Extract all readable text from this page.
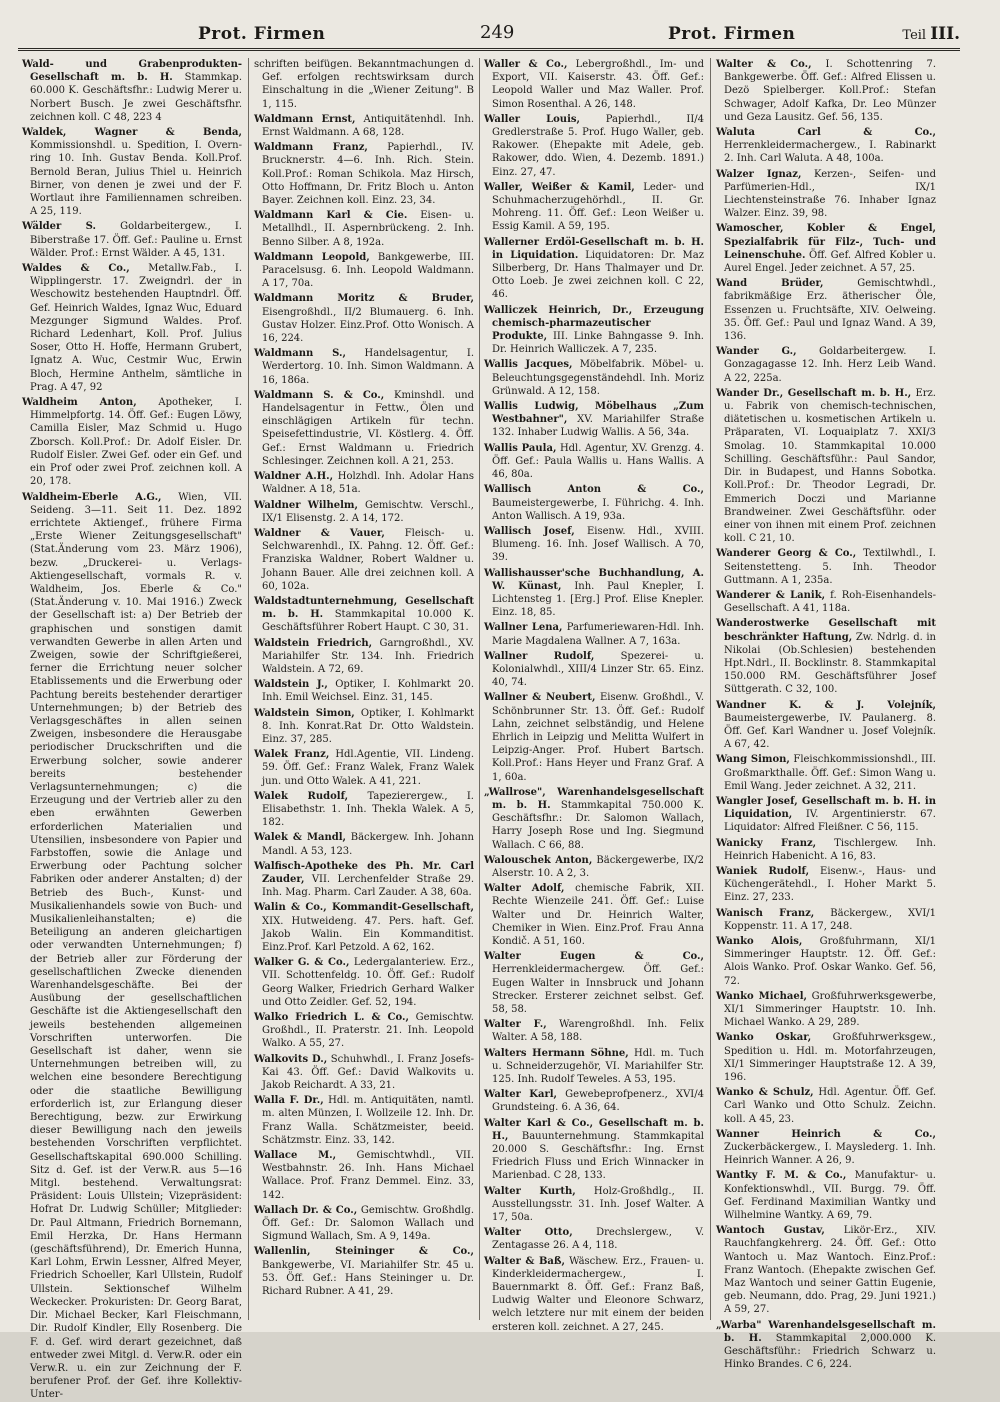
Prot. Firmen	249	Prot. Firmen	Teil III.

Wald- und Grabenprodukten-Gesellschaft m. b. H. Stammkap. 60.000 K. Geschäftsfhr.: Ludwig Merer u. Norbert Busch. Je zwei Geschäftsfhr. zeichnen koll. C 48, 223 4

Waldek, Wagner & Benda, Kommissionshdl. u. Spedition, I. Overnring 10. Inh. Gustav Benda. Koll.Prof. Bernold Beran, Julius Thiel u. Heinrich Birner, von denen je zwei und der F. Wortlaut ihre Familiennamen schreiben. A 25, 119.

Wälder S. Goldarbeitergew., I. Biberstraße 17. Öff. Gef.: Pauline u. Ernst Wälder. Prof.: Ernst Wälder. A 45, 131.

Waldes & Co., Metallw.Fab., I. Wipplingerstr. 17. Zweigndrl. der in Weschowitz bestehenden Hauptndrl. Öff. Gef. Heinrich Waldes, Ignaz Wuc, Eduard Mezgunger Sigmund Waldes. Prof. Richard Ledenhart, Koll. Prof. Julius Soser, Otto H. Hoffe, Hermann Grubert, Ignatz A. Wuc, Cestmir Wuc, Erwin Bloch, Hermine Anthelm, sämtliche in Prag. A 47, 92

Waldheim Anton, Apotheker, I. Himmelpfortg. 14. Öff. Gef.: Eugen Löwy, Camilla Eisler, Maz Schmid u. Hugo Zborsch. Koll.Prof.: Dr. Adolf Eisler. Dr. Rudolf Eisler. Zwei Gef. oder ein Gef. und ein Prof oder zwei Prof. zeichnen koll. A 20, 178.

Waldheim-Eberle A.G., Wien, VII. Seideng. 3—11. Seit 11. Dez. 1892 errichtete Aktiengef., frühere Firma „Erste Wiener Zeitungsgesellschaft" (Stat.Änderung vom 23. März 1906), bezw. „Druckerei- u. Verlags-Aktiengesellschaft, vormals R. v. Waldheim, Jos. Eberle & Co." (Stat.Änderung v. 10. Mai 1916.) Zweck der Gesellschaft ist: a) Der Betrieb der graphischen und sonstigen damit verwandten Gewerbe in allen Arten und Zweigen, sowie der Schriftgießerei, ferner die Errichtung neuer solcher Etablissements und die Erwerbung oder Pachtung bereits bestehender derartiger Unternehmungen; b) der Betrieb des Verlagsgeschäftes in allen seinen Zweigen, insbesondere die Herausgabe periodischer Druckschriften und die Erwerbung solcher, sowie anderer bereits bestehender Verlagsunternehmungen; c) die Erzeugung und der Vertrieb aller zu den eben erwähnten Gewerben erforderlichen Materialien und Utensilien, insbesondere von Papier und Farbstoffen, sowie die Anlage und Erwerbung oder Pachtung solcher Fabriken oder anderer Anstalten; d) der Betrieb des Buch-, Kunst- und Musikalienhandels sowie von Buch- und Musikalienleihanstalten; e) die Beteiligung an anderen gleichartigen oder verwandten Unternehmungen; f) der Betrieb aller zur Förderung der gesellschaftlichen Zwecke dienenden Warenhandelsgeschäfte. Bei der Ausübung der gesellschaftlichen Geschäfte ist die Aktiengesellschaft den jeweils bestehenden allgemeinen Vorschriften unterworfen. Die Gesellschaft ist daher, wenn sie Unternehmungen betreiben will, zu welchen eine besondere Berechtigung oder die staatliche Bewilligung erforderlich ist, zur Erlangung dieser Berechtigung, bezw. zur Erwirkung dieser Bewilligung nach den jeweils bestehenden Vorschriften verpflichtet. Gesellschaftskapital 690.000 Schilling. Sitz d. Gef. ist der Verw.R. aus 5—16 Mitgl. bestehend. Verwaltungsrat: Präsident: Louis Ullstein; Vizepräsident: Hofrat Dr. Ludwig Schüller; Mitglieder: Dr. Paul Altmann, Friedrich Bornemann, Emil Herzka, Dr. Hans Hermann (geschäftsführend), Dr. Emerich Hunna, Karl Lohm, Erwin Lessner, Alfred Meyer, Friedrich Schoeller, Karl Ullstein, Rudolf Ullstein. Sektionschef Wilhelm Weckecker. Prokuristen: Dr. Georg Barat, Dir. Michael Becker, Karl Fleischmann, Dir. Rudolf Kindler, Elly Rosenberg. Die F. d. Gef. wird derart gezeichnet, daß entweder zwei Mitgl. d. Verw.R. oder ein Verw.R. u. ein zur Zeichnung der F. berufener Prof. der Gef. ihre Kollektiv-Unter-

schriften beifügen. Bekanntmachungen d. Gef. erfolgen rechtswirksam durch Einschaltung in die „Wiener Zeitung". B 1, 115.

Waldmann Ernst, Antiquitätenhdl. Inh. Ernst Waldmann. A 68, 128.

Waldmann Franz, Papierhdl., IV. Brucknerstr. 4—6. Inh. Rich. Stein. Koll.Prof.: Roman Schikola. Maz Hirsch, Otto Hoffmann, Dr. Fritz Bloch u. Anton Bayer. Zeichnen koll. Einz. 23, 34.

Waldmann Karl & Cie. Eisen- u. Metallhdl., II. Aspernbrückeng. 2. Inh. Benno Silber. A 8, 192a.

Waldmann Leopold, Bankgewerbe, III. Paracelsusg. 6. Inh. Leopold Waldmann. A 17, 70a.

Waldmann Moritz & Bruder, Eisengroßhdl., II/2 Blumauerg. 6. Inh. Gustav Holzer. Einz.Prof. Otto Wonisch. A 16, 224.

Waldmann S., Handelsagentur, I. Werdertorg. 10. Inh. Simon Waldmann. A 16, 186a.

Waldmann S. & Co., Kminshdl. und Handelsagentur in Fettw., Ölen und einschlägigen Artikeln für techn. Speisefettindustrie, VI. Köstlerg. 4. Öff. Gef.: Ernst Waldmann u. Friedrich Schlesinger. Zeichnen koll. A 21, 253.

Waldner A.H., Holzhdl. Inh. Adolar Hans Waldner. A 18, 51a.

Waldner Wilhelm, Gemischtw. Verschl., IX/1 Elisenstg. 2. A 14, 172.

Waldner & Vauer, Fleisch- u. Selchwarenhdl., IX. Pahng. 12. Öff. Gef.: Franziska Waldner, Robert Waldner u. Johann Bauer. Alle drei zeichnen koll. A 60, 102a.

Waldstadtunternehmung, Gesellschaft m. b. H. Stammkapital 10.000 K. Geschäftsführer Robert Haupt. C 30, 31.

Waldstein Friedrich, Garngroßhdl., XV. Mariahilfer Str. 134. Inh. Friedrich Waldstein. A 72, 69.

Waldstein J., Optiker, I. Kohlmarkt 20. Inh. Emil Weichsel. Einz. 31, 145.

Waldstein Simon, Optiker, I. Kohlmarkt 8. Inh. Konrat.Rat Dr. Otto Waldstein. Einz. 37, 285.

Walek Franz, Hdl.Agentie, VII. Lindeng. 59. Öff. Gef.: Franz Walek, Franz Walek jun. und Otto Walek. A 41, 221.

Walek Rudolf, Tapezierergew., I. Elisabethstr. 1. Inh. Thekla Walek. A 5, 182.

Walek & Mandl, Bäckergew. Inh. Johann Mandl. A 53, 123.

Walfisch-Apotheke des Ph. Mr. Carl Zauder, VII. Lerchenfelder Straße 29. Inh. Mag. Pharm. Carl Zauder. A 38, 60a.

Walin & Co., Kommandit-Gesellschaft, XIX. Hutweideng. 47. Pers. haft. Gef. Jakob Walin. Ein Kommanditist. Einz.Prof. Karl Petzold. A 62, 162.

Walker G. & Co., Ledergalanteriew. Erz., VII. Schottenfeldg. 10. Öff. Gef.: Rudolf Georg Walker, Friedrich Gerhard Walker und Otto Zeidler. Gef. 52, 194.

Walko Friedrich L. & Co., Gemischtw. Großhdl., II. Praterstr. 21. Inh. Leopold Walko. A 55, 27.

Walkovits D., Schuhwhdl., I. Franz Josefs-Kai 43. Öff. Gef.: David Walkovits u. Jakob Reichardt. A 33, 21.

Walla F. Dr., Hdl. m. Antiquitäten, namtl. m. alten Münzen, I. Wollzeile 12. Inh. Dr. Franz Walla. Schätzmeister, beeid. Schätzmstr. Einz. 33, 142.

Wallace M., Gemischtwhdl., VII. Westbahnstr. 26. Inh. Hans Michael Wallace. Prof. Franz Demmel. Einz. 33, 142.

Wallach Dr. & Co., Gemischtw. Großhdlg. Öff. Gef.: Dr. Salomon Wallach und Sigmund Wallach, Sm. A 9, 149a.

Wallenlin, Steininger & Co., Bankgewerbe, VI. Mariahilfer Str. 45 u. 53. Öff. Gef.: Hans Steininger u. Dr. Richard Rubner. A 41, 29.

Waller & Co., Lebergroßhdl., Im- und Export, VII. Kaiserstr. 43. Öff. Gef.: Leopold Waller und Maz Waller. Prof. Simon Rosenthal. A 26, 148.

Waller Louis,	Papierhdl., II/4 Gredlerstraße 5. Prof. Hugo Waller, geb. Rakower. (Ehepakte mit Adele, geb. Rakower, ddo. Wien, 4. Dezemb. 1891.) Einz. 27, 47.

Waller, Weißer & Kamil, Leder- und Schuhmacherzugehörhdl., II. Gr. Mohreng. 11. Öff. Gef.: Leon Weißer u. Essig Kamil. A 59, 195.

Wallerner Erdöl-Gesellschaft m. b. H. in Liquidation. Liquidatoren: Dr. Maz Silberberg, Dr. Hans Thalmayer und Dr. Otto Loeb. Je zwei zeichnen koll. C 22, 46.

Walliczek Heinrich, Dr., Erzeugung chemisch-pharmazeutischer Produkte, III. Linke Bahngasse 9. Inh. Dr. Heinrich Walliczek. A 7, 235.

Wallis Jacques, Möbelfabrik. Möbel- u. Beleuchtungsgegenständehdl. Inh. Moriz Grünwald. A 12, 158.

Wallis Ludwig, Möbelhaus „Zum Westbahner", XV. Mariahilfer Straße 132. Inhaber Ludwig Wallis. A 56, 34a.

Wallis Paula, Hdl. Agentur, XV. Grenzg. 4. Öff. Gef.: Paula Wallis u. Hans Wallis. A 46, 80a.

Wallisch Anton & Co., Baumeistergewerbe, I. Führichg. 4. Inh. Anton Wallisch. A 19, 93a.

Wallisch Josef, Eisenw. Hdl., XVIII. Blumeng. 16. Inh. Josef Wallisch. A 70, 39.

Wallishausser'sche Buchhandlung, A. W. Künast, Inh. Paul Knepler, I. Lichtensteg 1. [Erg.] Prof. Elise Knepler. Einz. 18, 85.

Wallner Lena, Parfumeriewaren-Hdl. Inh. Marie Magdalena Wallner. A 7, 163a.

Wallner Rudolf,	Spezerei- u. Kolonialwhdl., XIII/4 Linzer Str. 65. Einz. 40, 74.

Wallner & Neubert, Eisenw. Großhdl., V. Schönbrunner Str. 13. Öff. Gef.: Rudolf Lahn, zeichnet selbständig, und Helene Ehrlich in Leipzig und Melitta Wulfert in Leipzig-Anger. Prof. Hubert Bartsch. Koll.Prof.: Hans Heyer und Franz Graf. A 1, 60a.

„Wallrose", Warenhandelsgesellschaft m. b. H. Stammkapital 750.000 K. Geschäftsfhr.: Dr. Salomon Wallach, Harry Joseph Rose und Ing. Siegmund Wallach. C 66, 88.

Walouschek Anton, Bäckergewerbe, IX/2 Alserstr. 10. A 2, 3.

Walter Adolf, chemische Fabrik, XII. Rechte Wienzeile 241. Öff. Gef.: Luise Walter und Dr. Heinrich Walter, Chemiker in Wien. Einz.Prof. Frau Anna Kondič. A 51, 160.

Walter Eugen & Co., Herrenkleidermachergew. Öff. Gef.: Eugen Walter in Innsbruck und Johann Strecker. Ersterer zeichnet selbst. Gef. 58, 58.

Walter F., Warengroßhdl. Inh. Felix Walter. A 58, 188.

Walters Hermann Söhne, Hdl. m. Tuch u. Schneiderzugehör, VI. Mariahilfer Str. 125. Inh. Rudolf Teweles. A 53, 195.

Walter Karl, Gewebeprofpenerz., XVI/4 Grundsteing. 6. A 36, 64.

Walter Karl & Co., Gesellschaft m. b. H., Bauunternehmung. Stammkapital 20.000 S. Geschäftsfhr.: Ing. Ernst Friedrich Fluss und Erich Winnacker in Marienbad. C 28, 133.

Walter Kurth, Holz-Großhdlg., II. Ausstellungsstr. 31. Inh. Josef Walter. A 17, 50a.

Walter Otto, Drechslergew., V. Zentagasse 26. A 4, 118.

Walter & Baß, Wäschew. Erz., Frauen- u. Kinderkleidermachergew., I. Bauernmarkt 8. Öff. Gef.: Franz Baß, Ludwig Walter und Eleonore Schwarz, welch letztere nur mit einem der beiden ersteren koll. zeichnet. A 27, 245.

Walter & Co., I. Schottenring 7. Bankgewerbe. Öff. Gef.: Alfred Elissen u. Dezö Spielberger. Koll.Prof.: Stefan Schwager, Adolf Kafka, Dr. Leo Münzer und Geza Lausitz. Gef. 56, 135.

Waluta Carl & Co., Herrenkleidermachergew., I. Rabinarkt 2. Inh. Carl Waluta. A 48, 100a.

Walzer Ignaz, Kerzen-, Seifen- und Parfümerien-Hdl., IX/1 Liechtensteinstraße 76. Inhaber Ignaz Walzer. Einz. 39, 98.

Wamoscher, Kobler & Engel, Spezialfabrik für Filz-, Tuch- und Leinenschuhe. Öff. Gef. Alfred Kobler u. Aurel Engel. Jeder zeichnet. A 57, 25.

Wand Brüder,	Gemischtwhdl., fabrikmäßige Erz. ätherischer Öle, Essenzen u. Fruchtsäfte, XIV. Oelweing. 35. Öff. Gef.: Paul und Ignaz Wand. A 39, 136.

Wander G., Goldarbeitergew. I. Gonzagagasse 12. Inh. Herz Leib Wand. A 22, 225a.

Wander Dr., Gesellschaft m. b. H., Erz. u. Fabrik von chemisch-technischen, diätetischen u. kosmetischen Artikeln u. Präparaten, VI. Loquaiplatz 7. XXI/3 Smolag. 10. Stammkapital 10.000 Schilling. Geschäftsführ.: Paul Sandor, Dir. in Budapest, und Hanns Sobotka. Koll.Prof.: Dr. Theodor Legradi, Dr. Emmerich Doczi und Marianne Brandweiner. Zwei Geschäftsführ. oder einer von ihnen mit einem Prof. zeichnen koll. C 21, 10.

Wanderer Georg & Co., Textilwhdl., I. Seitenstetteng. 5. Inh. Theodor Guttmann. A 1, 235a.

Wanderer & Lanik, f. Roh-Eisenhandels-Gesellschaft. A 41, 118a.

Wanderostwerke Gesellschaft mit beschränkter Haftung, Zw. Ndrlg. d. in Nikolai (Ob.Schlesien) bestehenden Hpt.Ndrl., II. Bocklinstr. 8. Stammkapital 150.000 RM. Geschäftsführer Josef Süttgerath. C 32, 100.

Wandner K. & J. Volejník, Baumeistergewerbe, IV. Paulanerg. 8. Öff. Gef. Karl Wandner u. Josef Volejník. A 67, 42.

Wang Simon, Fleischkommissionshdl., III. Großmarkthalle. Öff. Gef.: Simon Wang u. Emil Wang. Jeder zeichnet. A 32, 211.

Wangler Josef, Gesellschaft m. b. H. in Liquidation, IV. Argentinierstr. 67. Liquidator: Alfred Fleißner. C 56, 115.

Wanicky Franz, Tischlergew. Inh. Heinrich Habenicht. A 16, 83.

Waniek Rudolf, Eisenw.-, Haus- und Küchengerätehdl., I. Hoher Markt 5. Einz. 27, 233.

Wanisch Franz, Bäckergew., XVI/1 Koppenstr. 11. A 17, 248.

Wanko Alois, Großfuhrmann, XI/1 Simmeringer Hauptstr. 12. Öff. Gef.: Alois Wanko. Prof. Oskar Wanko. Gef. 56, 72.

Wanko Michael, Großfuhrwerksgewerbe, XI/1 Simmeringer Hauptstr. 10. Inh. Michael Wanko. A 29, 289.

Wanko Oskar, Großfuhrwerksgew., Spedition u. Hdl. m. Motorfahrzeugen, XI/1 Simmeringer Hauptstraße 12. A 39, 196.

Wanko & Schulz, Hdl. Agentur. Öff. Gef. Carl Wanko und Otto Schulz. Zeichn. koll. A 45, 23.

Wanner Heinrich & Co., Zuckerbäckergew., I. Mayslederg. 1. Inh. Heinrich Wanner. A 26, 9.

Wantky F. M. & Co., Manufaktur- u. Konfektionswhdl., VII. Burgg. 79. Öff. Gef. Ferdinand Maximilian Wantky und Wilhelmine Wantky. A 69, 79.

Wantoch Gustav, Likör-Erz., XIV. Rauchfangkehrerg. 24. Öff. Gef.: Otto Wantoch u. Maz Wantoch. Einz.Prof.: Franz Wantoch. (Ehepakte zwischen Gef. Maz Wantoch und seiner Gattin Eugenie, geb. Neumann, ddo. Prag, 29. Juni 1921.) A 59, 27.

„Warba" Warenhandelsgesellschaft m. b. H. Stammkapital 2,000.000 K. Geschäftsführ.: Friedrich Schwarz u. Hinko Brandes. C 6, 224.
